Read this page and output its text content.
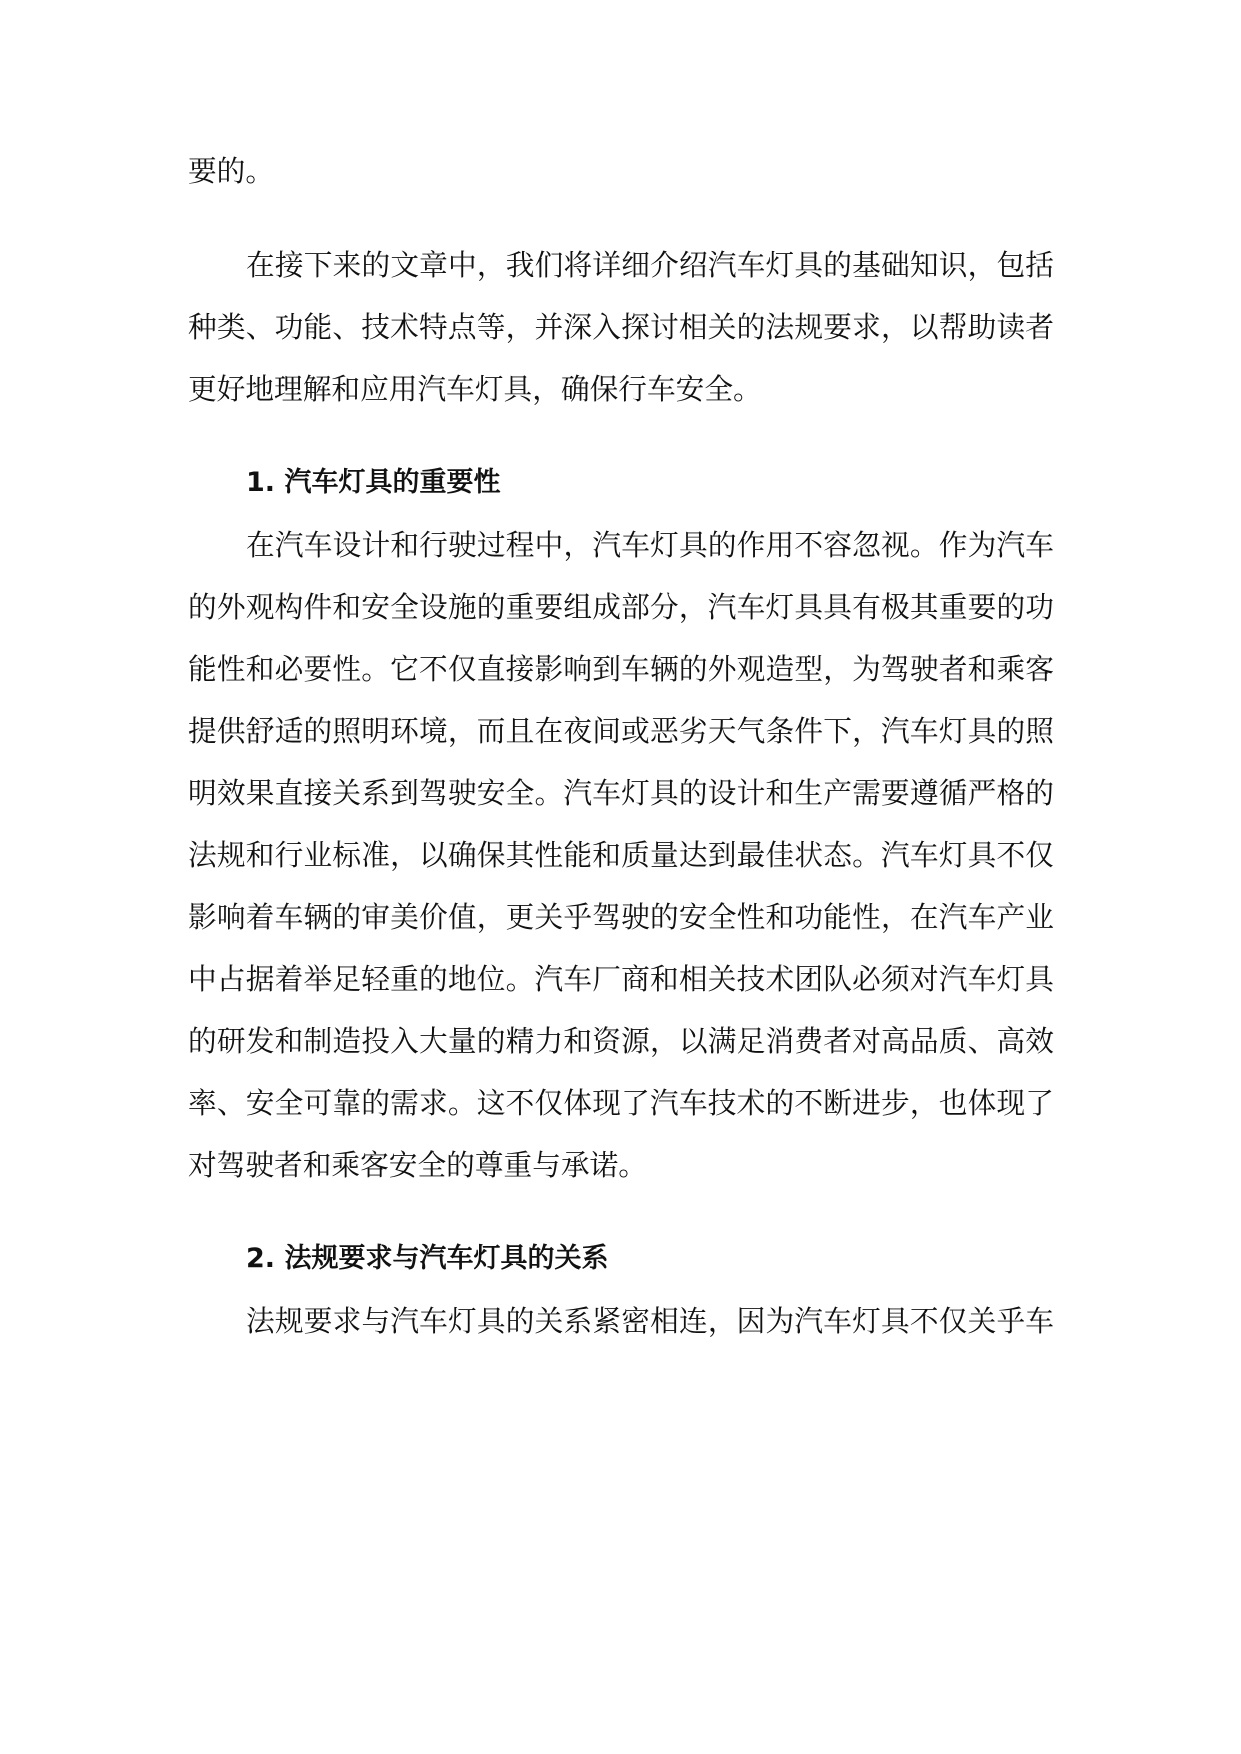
要的。

在接下来的文章中，我们将详细介绍汽车灯具的基础知识，包括

种类、功能、技术特点等，并深入探讨相关的法规要求，以帮助读者

更好地理解和应用汽车灯具，确保行车安全。

1. 汽车灯具的重要性

在汽车设计和行驶过程中，汽车灯具的作用不容忽视。作为汽车

的外观构件和安全设施的重要组成部分，汽车灯具具有极其重要的功

能性和必要性。它不仅直接影响到车辆的外观造型，为驾驶者和乘客

提供舒适的照明环境，而且在夜间或恶劣天气条件下，汽车灯具的照

明效果直接关系到驾驶安全。汽车灯具的设计和生产需要遵循严格的

法规和行业标准，以确保其性能和质量达到最佳状态。汽车灯具不仅

影响着车辆的审美价值，更关乎驾驶的安全性和功能性，在汽车产业

中占据着举足轻重的地位。汽车厂商和相关技术团队必须对汽车灯具

的研发和制造投入大量的精力和资源，以满足消费者对高品质、高效

率、安全可靠的需求。这不仅体现了汽车技术的不断进步，也体现了

对驾驶者和乘客安全的尊重与承诺。

2. 法规要求与汽车灯具的关系

法规要求与汽车灯具的关系紧密相连，因为汽车灯具不仅关乎车
